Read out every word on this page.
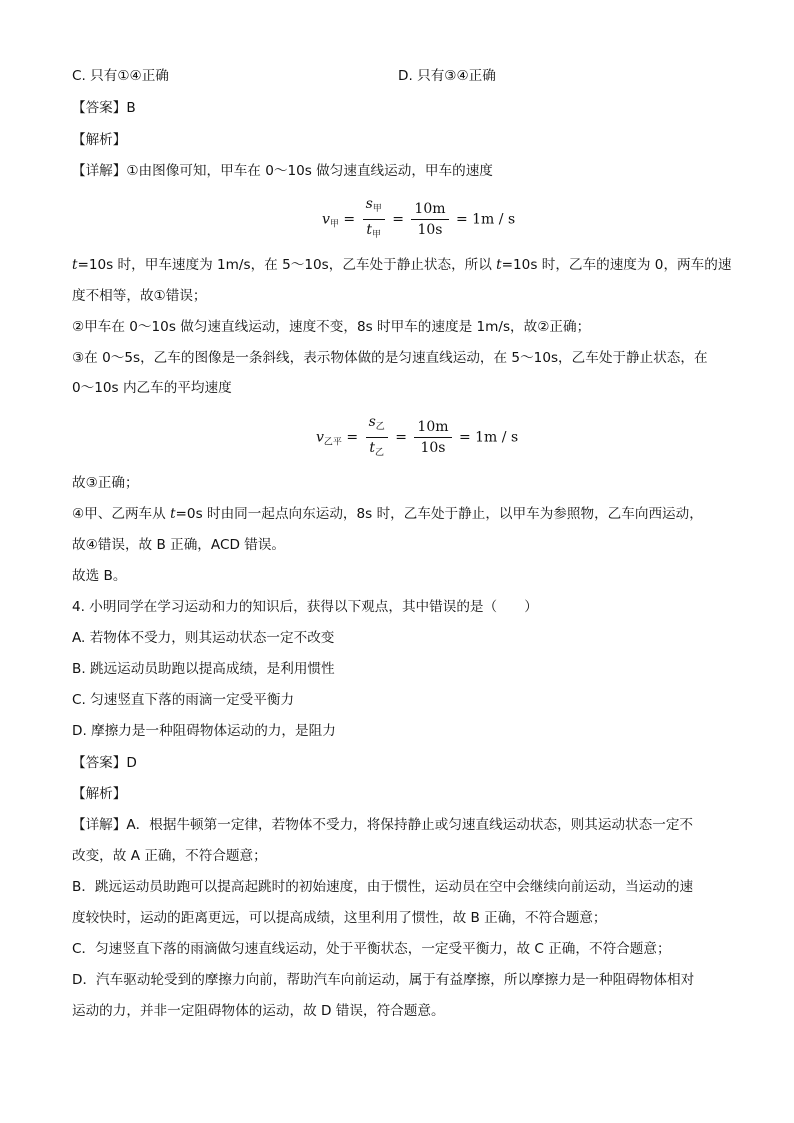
C. 只有①④正确	D. 只有③④正确
【答案】B
【解析】
【详解】①由图像可知，甲车在 0～10s 做匀速直线运动，甲车的速度
$v_甲 = \frac{s_甲}{t_甲} = \frac{10m}{10s} = 1m / s$
t=10s 时，甲车速度为 1m/s，在 5～10s，乙车处于静止状态，所以 t=10s 时，乙车的速度为 0，两车的速
度不相等，故①错误；
②甲车在 0～10s 做匀速直线运动，速度不变，8s 时甲车的速度是 1m/s，故②正确；
③在 0～5s，乙车的图像是一条斜线，表示物体做的是匀速直线运动，在 5～10s，乙车处于静止状态，在
0～10s 内乙车的平均速度
$v_{乙平} = \frac{s_乙}{t_乙} = \frac{10m}{10s} = 1m / s$
故③正确；
④甲、乙两车从 t=0s 时由同一起点向东运动，8s 时，乙车处于静止，以甲车为参照物，乙车向西运动，
故④错误，故 B 正确，ACD 错误。
故选 B。
4. 小明同学在学习运动和力的知识后，获得以下观点，其中错误的是（　　）
A. 若物体不受力，则其运动状态一定不改变
B. 跳远运动员助跑以提高成绩，是利用惯性
C. 匀速竖直下落的雨滴一定受平衡力
D. 摩擦力是一种阻碍物体运动的力，是阻力
【答案】D
【解析】
【详解】A．根据牛顿第一定律，若物体不受力，将保持静止或匀速直线运动状态，则其运动状态一定不
改变，故 A 正确，不符合题意；
B．跳远运动员助跑可以提高起跳时的初始速度，由于惯性，运动员在空中会继续向前运动，当运动的速
度较快时，运动的距离更远，可以提高成绩，这里利用了惯性，故 B 正确，不符合题意；
C．匀速竖直下落的雨滴做匀速直线运动，处于平衡状态，一定受平衡力，故 C 正确，不符合题意；
D．汽车驱动轮受到的摩擦力向前，帮助汽车向前运动，属于有益摩擦，所以摩擦力是一种阻碍物体相对
运动的力，并非一定阻碍物体的运动，故 D 错误，符合题意。
